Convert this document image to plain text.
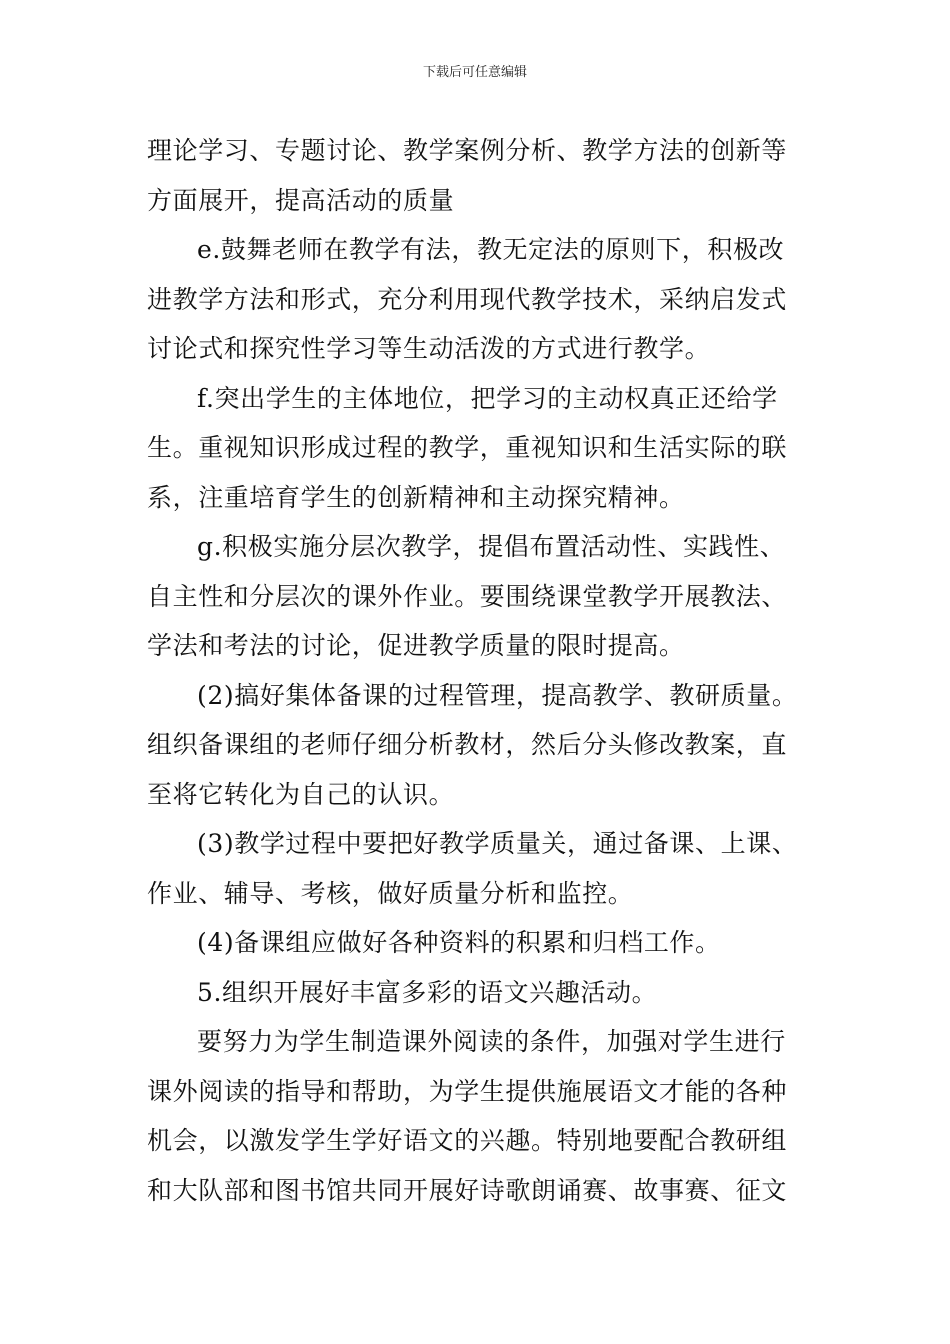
下载后可任意编辑
理论学习、专题讨论、教学案例分析、教学方法的创新等
方面展开，提高活动的质量
e.鼓舞老师在教学有法，教无定法的原则下，积极改
进教学方法和形式，充分利用现代教学技术，采纳启发式
讨论式和探究性学习等生动活泼的方式进行教学。
f.突出学生的主体地位，把学习的主动权真正还给学
生。重视知识形成过程的教学，重视知识和生活实际的联
系，注重培育学生的创新精神和主动探究精神。
g.积极实施分层次教学，提倡布置活动性、实践性、
自主性和分层次的课外作业。要围绕课堂教学开展教法、
学法和考法的讨论，促进教学质量的限时提高。
(2)搞好集体备课的过程管理，提高教学、教研质量。
组织备课组的老师仔细分析教材，然后分头修改教案，直
至将它转化为自己的认识。
(3)教学过程中要把好教学质量关，通过备课、上课、
作业、辅导、考核，做好质量分析和监控。
(4)备课组应做好各种资料的积累和归档工作。
5.组织开展好丰富多彩的语文兴趣活动。
要努力为学生制造课外阅读的条件，加强对学生进行
课外阅读的指导和帮助，为学生提供施展语文才能的各种
机会，以激发学生学好语文的兴趣。特别地要配合教研组
和大队部和图书馆共同开展好诗歌朗诵赛、故事赛、征文
